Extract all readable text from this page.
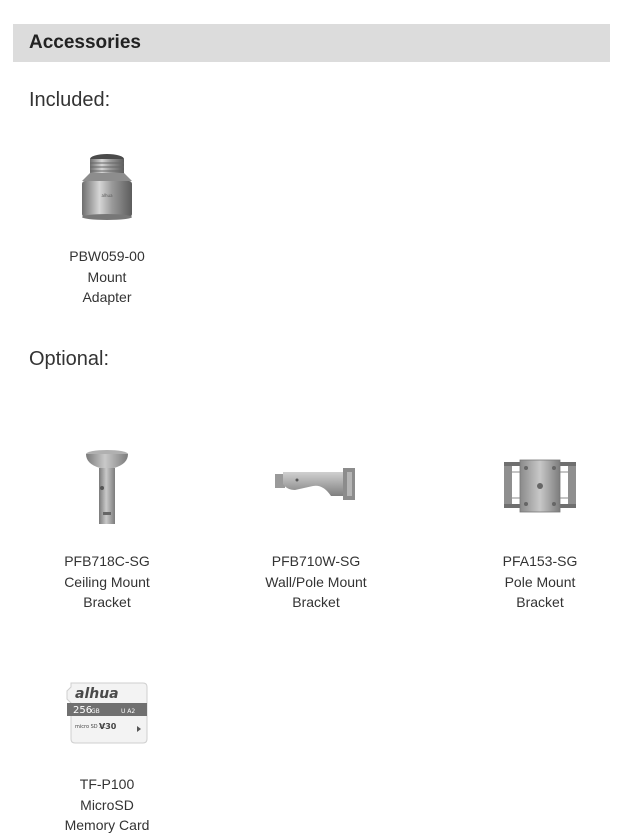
Accessories
Included:
alhua
PBW059-00
Mount
Adapter
Optional:
PFB718C-SG
Ceiling Mount
Bracket
PFB710W-SG
Wall/Pole Mount
Bracket
PFA153-SG
Pole Mount
Bracket
alhua
256
GB	U A2
micro SD XC
V30
TF-P100
MicroSD
Memory Card
